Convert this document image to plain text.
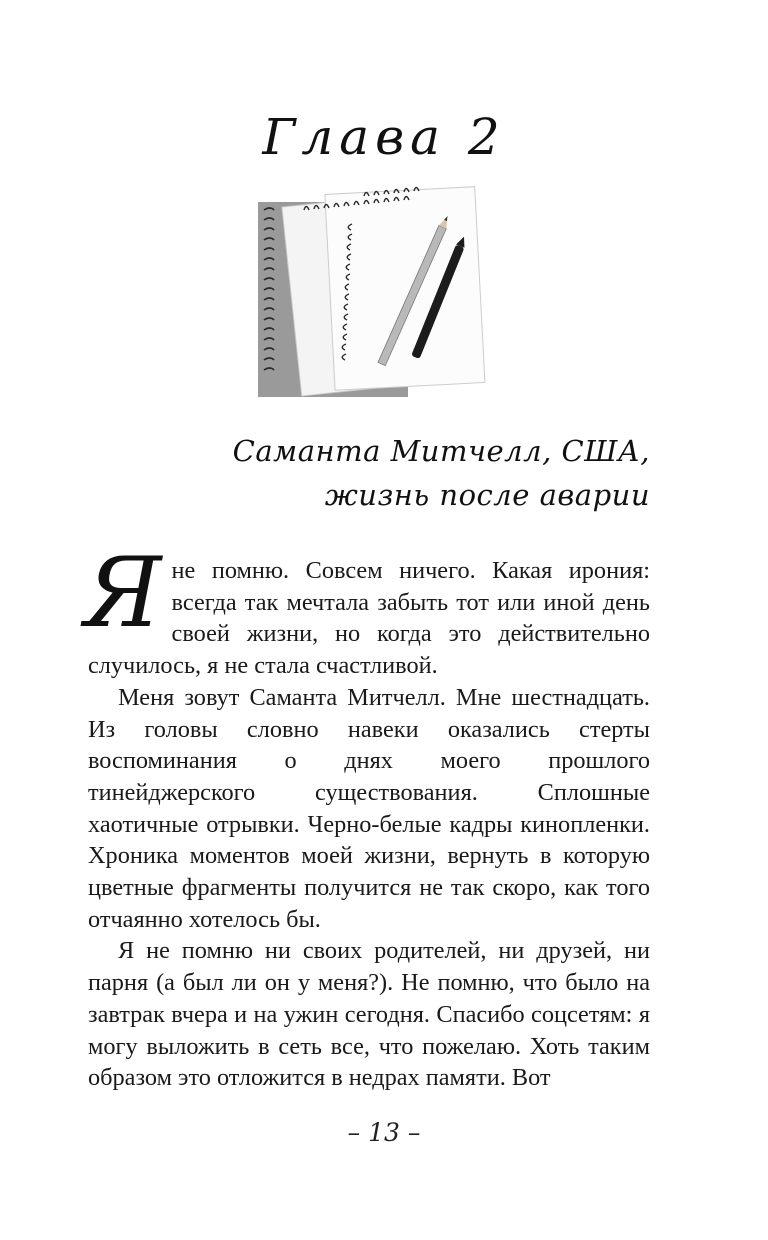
Глава 2
Саманта Митчелл, США,
жизнь после аварии

Я не помню. Совсем ничего. Какая ирония: всегда так мечтала забыть тот или иной день своей жизни, но когда это действительно случилось, я не стала счастливой.

Меня зовут Саманта Митчелл. Мне шестнадцать. Из головы словно навеки оказались стерты воспоминания о днях моего прошлого тинейджерского существования. Сплошные хаотичные отрывки. Черно-белые кадры кинопленки. Хроника моментов моей жизни, вернуть в которую цветные фрагменты получится не так скоро, как того отчаянно хотелось бы.

Я не помню ни своих родителей, ни друзей, ни парня (а был ли он у меня?). Не помню, что было на завтрак вчера и на ужин сегодня. Спасибо соцсетям: я могу выложить в сеть все, что пожелаю. Хоть таким образом это отложится в недрах памяти. Вот

– 13 –
